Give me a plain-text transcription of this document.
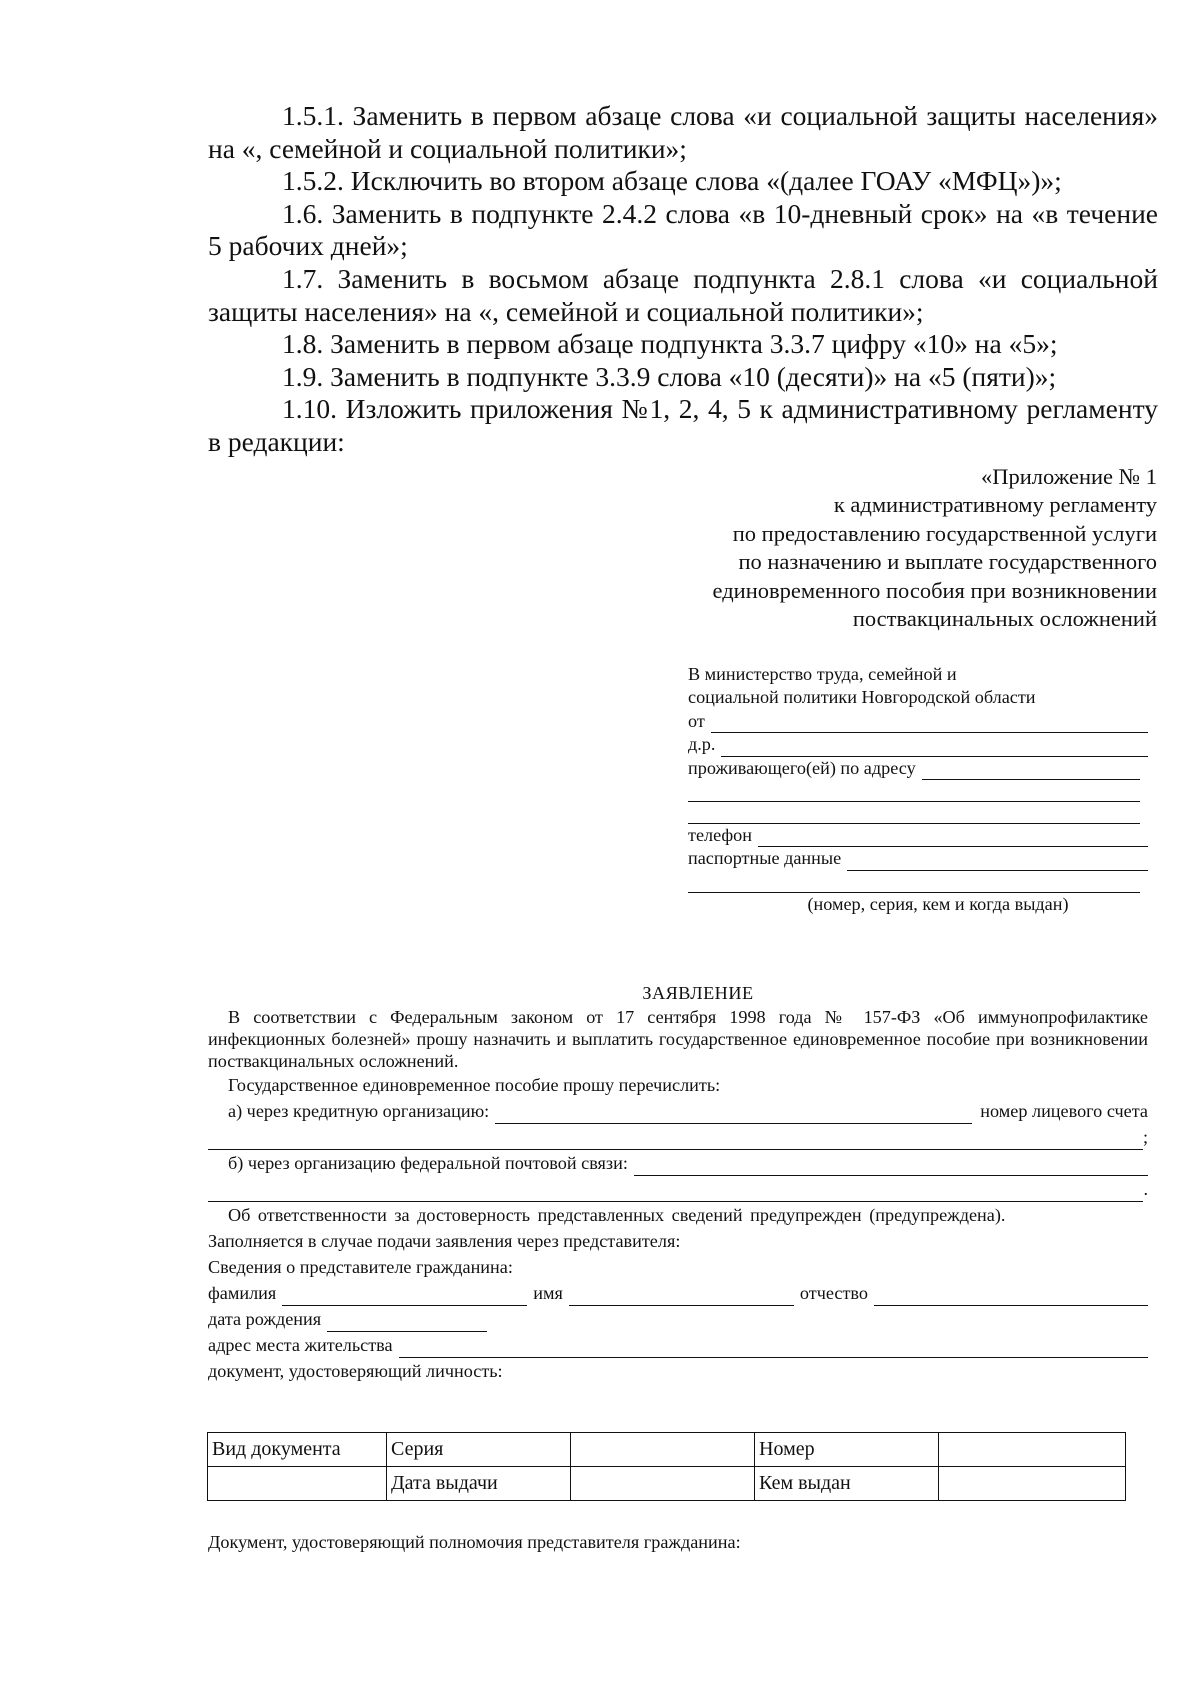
1.5.1. Заменить в первом абзаце слова «и социальной защиты населения» на «, семейной и социальной политики»;

1.5.2. Исключить во втором абзаце слова «(далее ГОАУ «МФЦ»)»;

1.6. Заменить в подпункте 2.4.2 слова «в 10-дневный срок» на «в течение 5 рабочих дней»;

1.7. Заменить в восьмом абзаце подпункта 2.8.1 слова «и социальной защиты населения» на «, семейной и социальной политики»;

1.8. Заменить в первом абзаце подпункта 3.3.7 цифру «10» на «5»;

1.9. Заменить в подпункте 3.3.9 слова «10 (десяти)» на «5 (пяти)»;

1.10. Изложить приложения №1, 2, 4, 5 к административному регламенту в редакции:

«Приложение № 1
к административному регламенту
по предоставлению государственной услуги
по назначению и выплате государственного
единовременного пособия при возникновении
поствакцинальных осложнений
В министерство труда, семейной и
социальной политики Новгородской области
от
д.р.
проживающего(ей) по адресу
телефон
паспортные данные
(номер, серия, кем и когда выдан)
ЗАЯВЛЕНИЕ

В соответствии с Федеральным законом от 17 сентября 1998 года № 157-ФЗ «Об иммунопрофилактике инфекционных болезней» прошу назначить и выплатить государственное единовременное пособие при возникновении поствакцинальных осложнений.

Государственное единовременное пособие прошу перечислить:

а) через кредитную организацию:	номер лицевого счета
;
б) через организацию федеральной почтовой связи:
.

Об ответственности за достоверность представленных сведений предупрежден (предупреждена).

Заполняется в случае подачи заявления через представителя:

Сведения о представителе гражданина:

фамилия	имя	отчество
дата рождения
адрес места жительства

документ, удостоверяющий личность:

Вид документа	Серия		Номер	
	Дата выдачи		Кем выдан	
Документ, удостоверяющий полномочия представителя гражданина:
